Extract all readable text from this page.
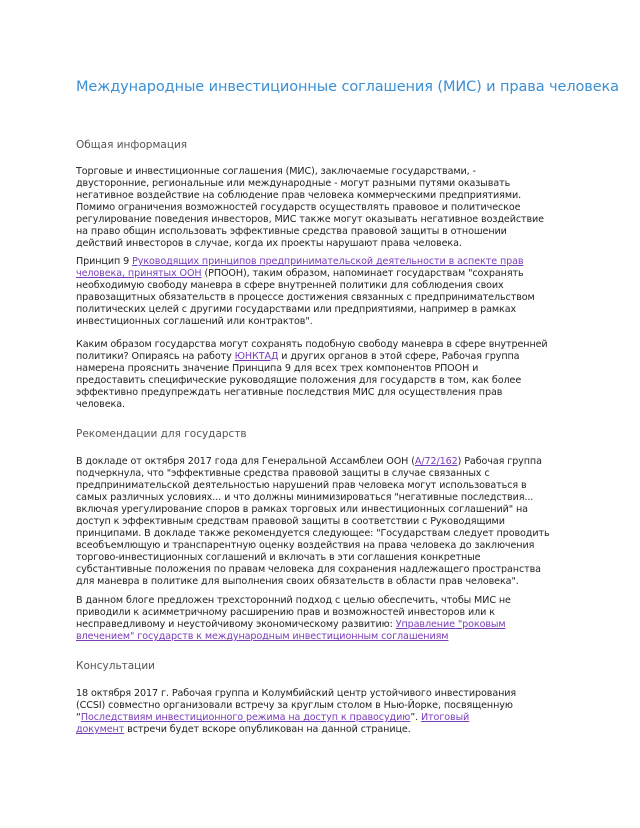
Международные инвестиционные соглашения (МИС) и права человека
Общая информация
Торговые и инвестиционные соглашения (МИС), заключаемые государствами, -
двусторонние, региональные или международные - могут разными путями оказывать
негативное воздействие на соблюдение прав человека коммерческими предприятиями.
Помимо ограничения возможностей государств осуществлять правовое и политическое
регулирование поведения инвесторов, МИС также могут оказывать негативное воздействие
на право общин использовать эффективные средства правовой защиты в отношении
действий инвесторов в случае, когда их проекты нарушают права человека.
Принцип 9 Руководящих принципов предпринимательской деятельности в аспекте прав
человека, принятых ООН (РПООН), таким образом, напоминает государствам "сохранять
необходимую свободу маневра в сфере внутренней политики для соблюдения своих
правозащитных обязательств в процессе достижения связанных с предпринимательством
политических целей с другими государствами или предприятиями, например в рамках
инвестиционных соглашений или контрактов".
Каким образом государства могут сохранять подобную свободу маневра в сфере внутренней
политики? Опираясь на работу ЮНКТАД и других органов в этой сфере, Рабочая группа
намерена прояснить значение Принципа 9 для всех трех компонентов РПООН и
предоставить специфические руководящие положения для государств в том, как более
эффективно предупреждать негативные последствия МИС для осуществления прав
человека.
Рекомендации для государств
В докладе от октября 2017 года для Генеральной Ассамблеи ООН (A/72/162) Рабочая группа
подчеркнула, что "эффективные средства правовой защиты в случае связанных с
предпринимательской деятельностью нарушений прав человека могут использоваться в
самых различных условиях... и что должны минимизироваться "негативные последствия...
включая урегулирование споров в рамках торговых или инвестиционных соглашений" на
доступ к эффективным средствам правовой защиты в соответствии с Руководящими
принципами. В докладе также рекомендуется следующее: "Государствам следует проводить
всеобъемлющую и транспарентную оценку воздействия на права человека до заключения
торгово-инвестиционных соглашений и включать в эти соглашения конкретные
субстантивные положения по правам человека для сохранения надлежащего пространства
для маневра в политике для выполнения своих обязательств в области прав человека".
В данном блоге предложен трехсторонний подход с целью обеспечить, чтобы МИС не
приводили к асимметричному расширению прав и возможностей инвесторов или к
несправедливому и неустойчивому экономическому развитию: Управление "роковым
влечением" государств к международным инвестиционным соглашениям
Консультации
18 октября 2017 г. Рабочая группа и Колумбийский центр устойчивого инвестирования
(CCSI) совместно организовали встречу за круглым столом в Нью-Йорке, посвященную
“Последствиям инвестиционного режима на доступ к правосудию”. Итоговый
документ встречи будет вскоре опубликован на данной странице.
